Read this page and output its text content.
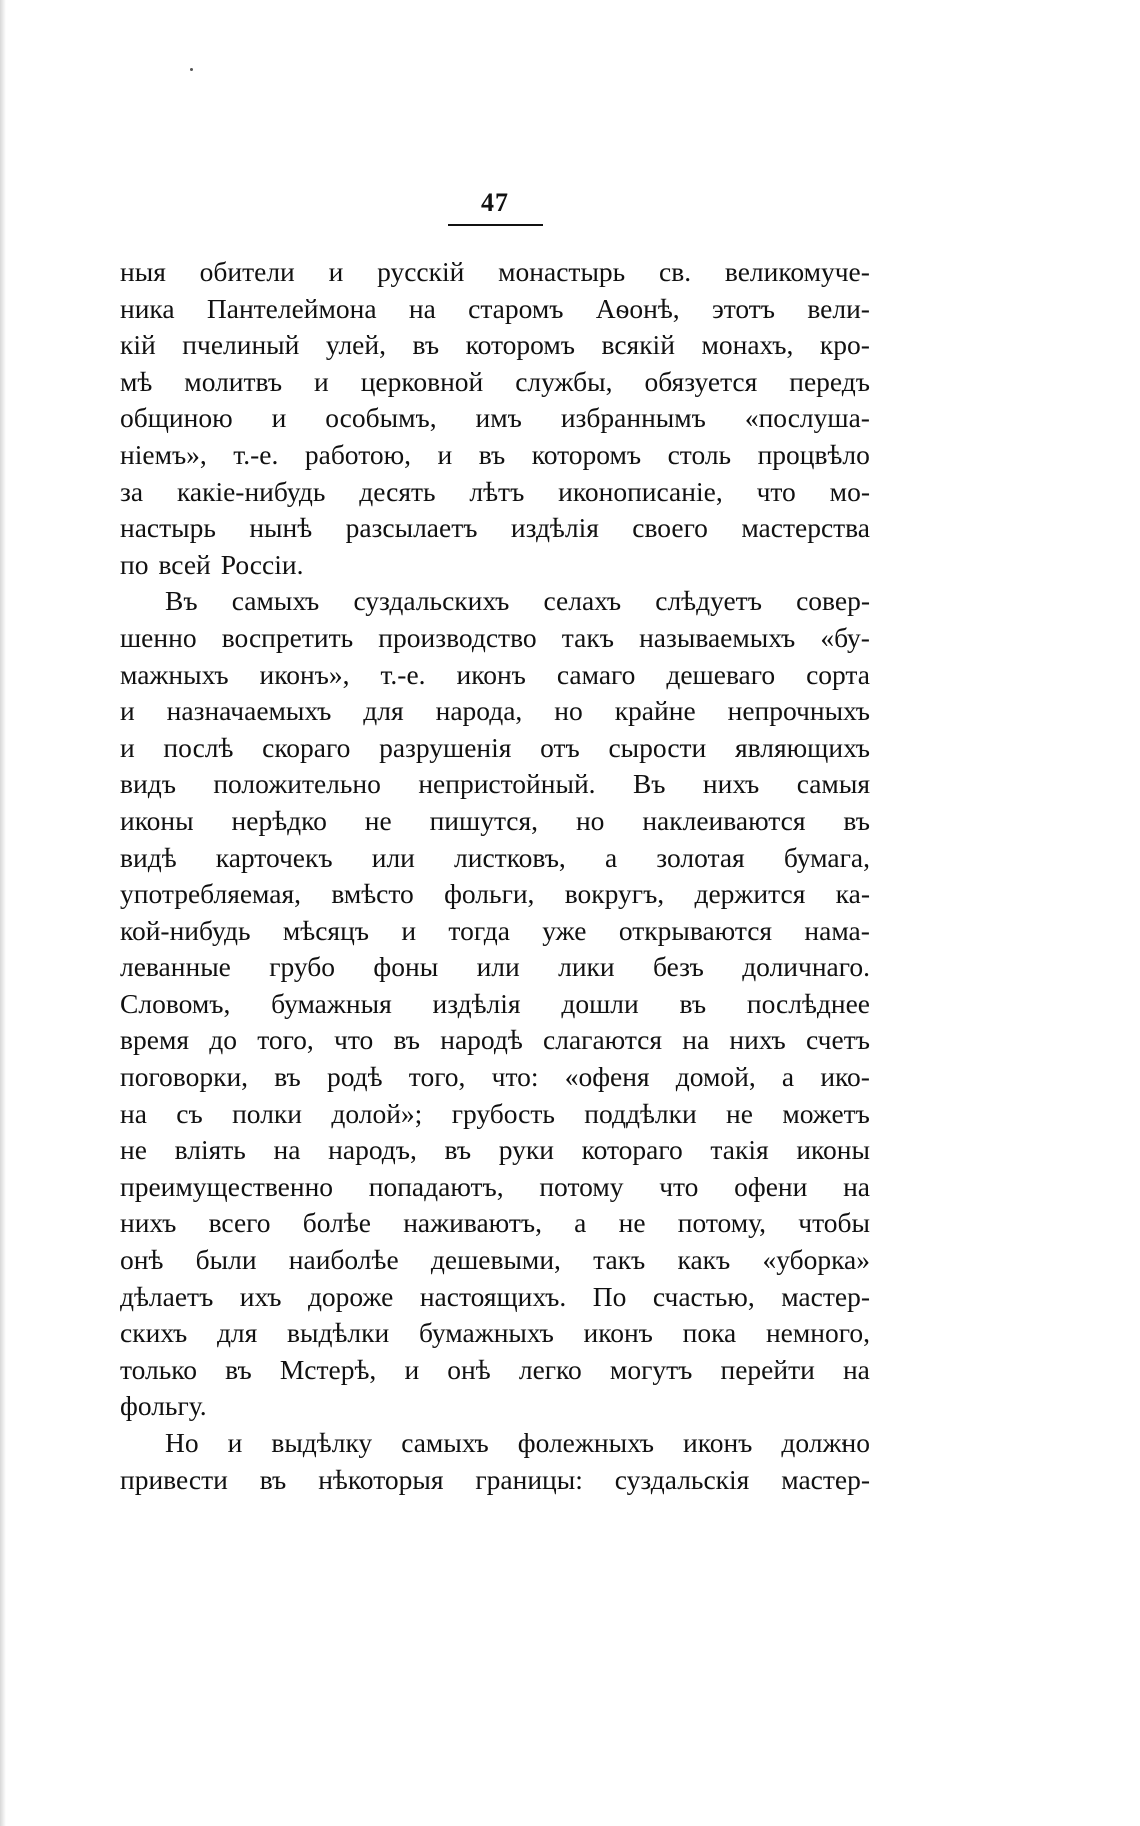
47
ныя обители и русскій монастырь св. великомуче-
ника Пантелеймона на старомъ Аѳонѣ, этотъ вели-
кій пчелиный улей, въ которомъ всякій монахъ, кро-
мѣ молитвъ и церковной службы, обязуется передъ
общиною и особымъ, имъ избраннымъ «послуша-
ніемъ», т.-е. работою, и въ которомъ столь процвѣло
за какіе-нибудь десять лѣтъ иконописаніе, что мо-
настырь нынѣ разсылаетъ издѣлія своего мастерства
по всей Россіи.
Въ самыхъ суздальскихъ селахъ слѣдуетъ совер-
шенно воспретить производство такъ называемыхъ «бу-
мажныхъ иконъ», т.-е. иконъ самаго дешеваго сорта
и назначаемыхъ для народа, но крайне непрочныхъ
и послѣ скораго разрушенія отъ сырости являющихъ
видъ положительно непристойный. Въ нихъ самыя
иконы нерѣдко не пишутся, но наклеиваются въ
видѣ карточекъ или листковъ, а золотая бумага,
употребляемая, вмѣсто фольги, вокругъ, держится ка-
кой-нибудь мѣсяцъ и тогда уже открываются нама-
леванные грубо фоны или лики безъ доличнаго.
Словомъ, бумажныя издѣлія дошли въ послѣднее
время до того, что въ народѣ слагаются на нихъ счетъ
поговорки, въ родѣ того, что: «офеня домой, а ико-
на съ полки долой»; грубость поддѣлки не можетъ
не влiять на народъ, въ руки котораго такія иконы
преимущественно попадаютъ, потому что офени на
нихъ всего болѣе наживаютъ, а не потому, чтобы
онѣ были наиболѣе дешевыми, такъ какъ «уборка»
дѣлаетъ ихъ дороже настоящихъ. По счастью, мастер-
скихъ для выдѣлки бумажныхъ иконъ пока немного,
только въ Мстерѣ, и онѣ легко могутъ перейти на
фольгу.
Но и выдѣлку самыхъ фолежныхъ иконъ должно
привести въ нѣкоторыя границы: суздальскія мастер-
